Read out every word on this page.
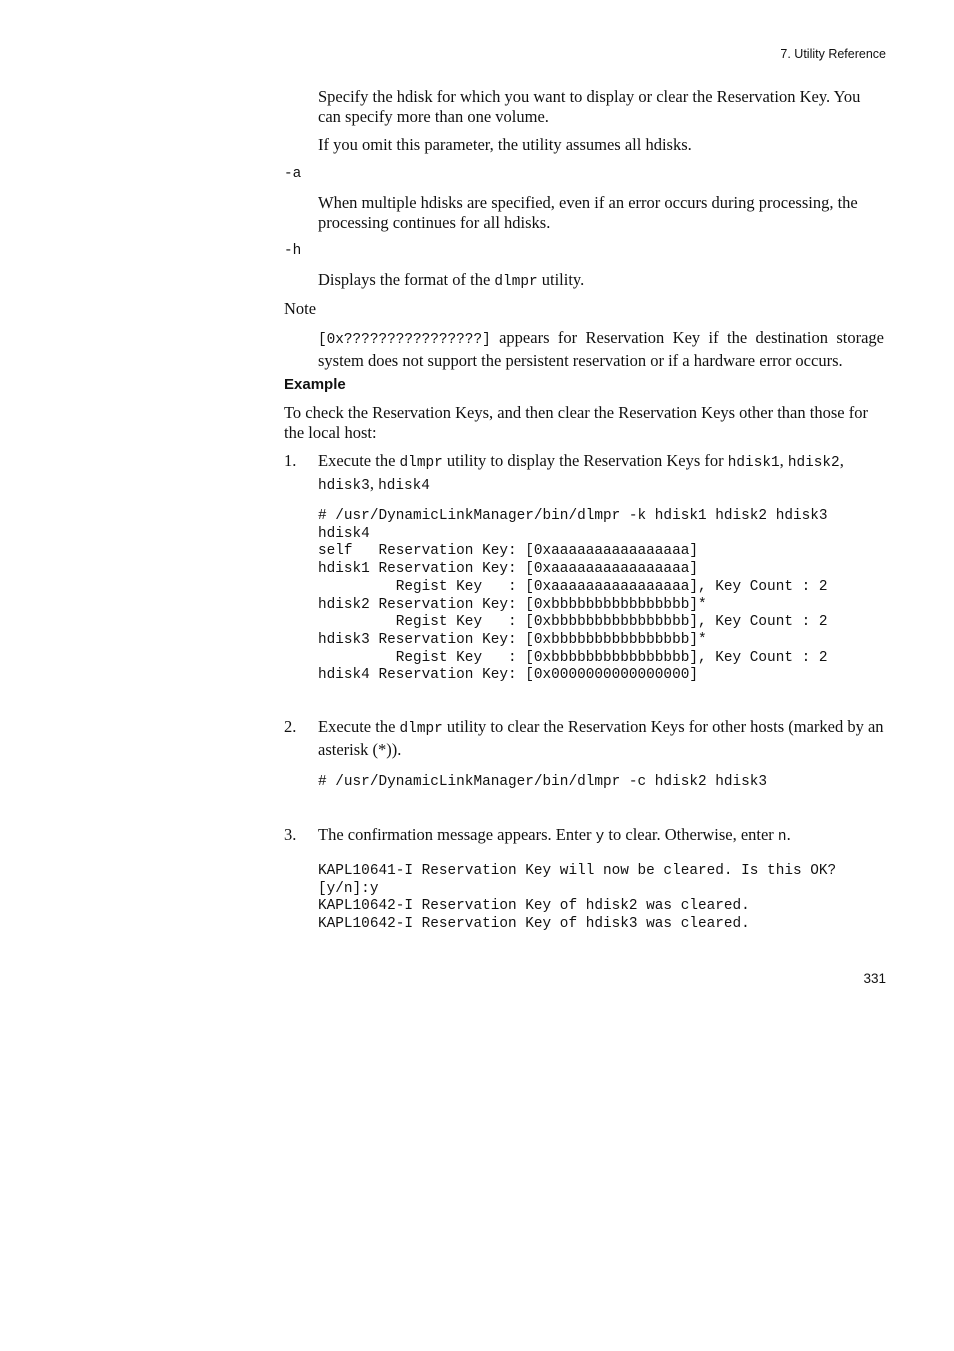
7. Utility Reference

Specify the hdisk for which you want to display or clear the Reservation Key. You can specify more than one volume.

If you omit this parameter, the utility assumes all hdisks.

-a

When multiple hdisks are specified, even if an error occurs during processing, the processing continues for all hdisks.

-h

Displays the format of the dlmpr utility.

Note

[0x????????????????] appears for Reservation Key if the destination storage system does not support the persistent reservation or if a hardware error occurs.

Example

To check the Reservation Keys, and then clear the Reservation Keys other than those for the local host:

1. Execute the dlmpr utility to display the Reservation Keys for hdisk1, hdisk2,
hdisk3, hdisk4

# /usr/DynamicLinkManager/bin/dlmpr -k hdisk1 hdisk2 hdisk3
hdisk4
self   Reservation Key: [0xaaaaaaaaaaaaaaaa]
hdisk1 Reservation Key: [0xaaaaaaaaaaaaaaaa]
Regist Key   : [0xaaaaaaaaaaaaaaaa], Key Count : 2
hdisk2 Reservation Key: [0xbbbbbbbbbbbbbbbb]*
Regist Key   : [0xbbbbbbbbbbbbbbbb], Key Count : 2
hdisk3 Reservation Key: [0xbbbbbbbbbbbbbbbb]*
Regist Key   : [0xbbbbbbbbbbbbbbbb], Key Count : 2
hdisk4 Reservation Key: [0x0000000000000000]
2. Execute the dlmpr utility to clear the Reservation Keys for other hosts (marked by an asterisk (*)).

# /usr/DynamicLinkManager/bin/dlmpr -c hdisk2 hdisk3
3. The confirmation message appears. Enter y to clear. Otherwise, enter n.

KAPL10641-I Reservation Key will now be cleared. Is this OK?
[y/n]:y
KAPL10642-I Reservation Key of hdisk2 was cleared.
KAPL10642-I Reservation Key of hdisk3 was cleared.
331
